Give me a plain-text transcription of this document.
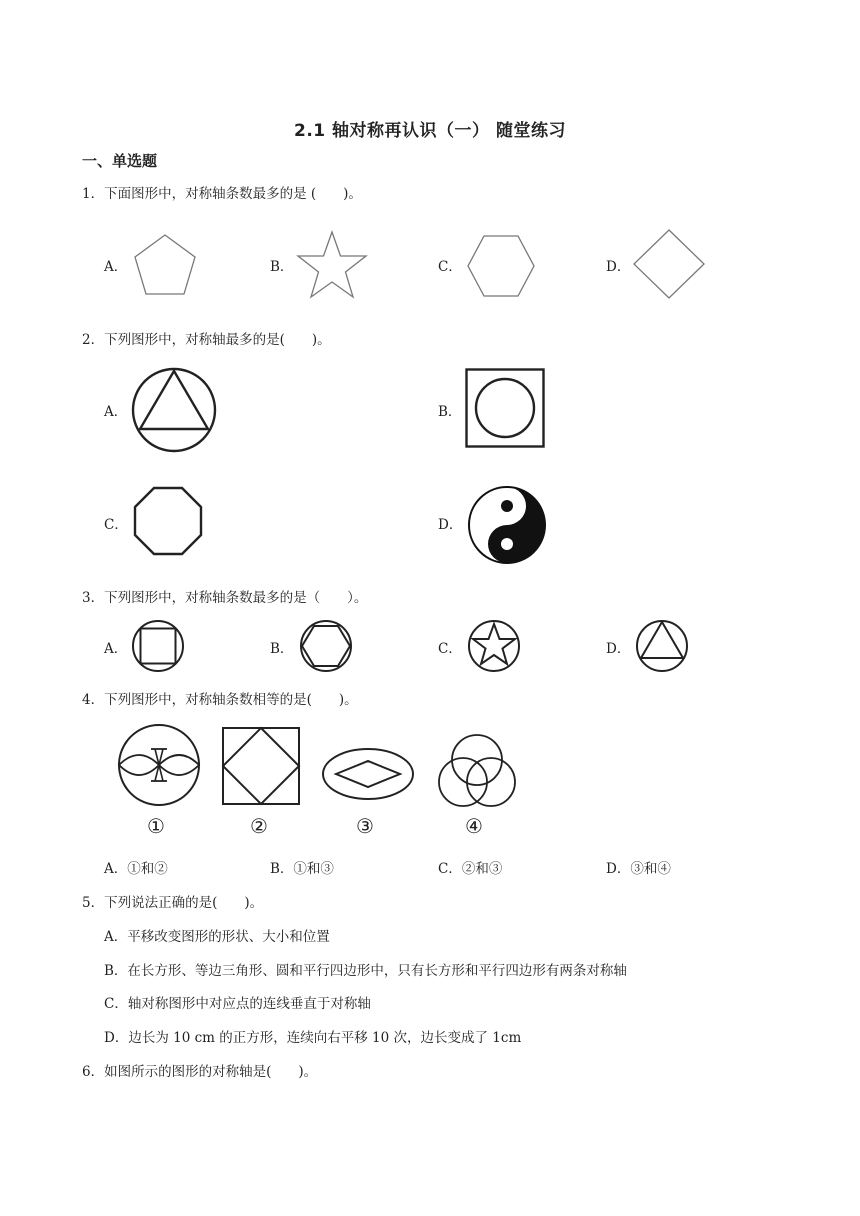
2.1 轴对称再认识（一） 随堂练习
一、单选题
1．下面图形中，对称轴条数最多的是 (　　)。
A．	B．	C．	D．
2．下列图形中，对称轴最多的是(　　)。
A．	B．
C．	D．
3．下列图形中，对称轴条数最多的是（　　）。
A．	B．	C．	D．
4．下列图形中，对称轴条数相等的是(　　)。
①	②	③	④
A．①和②	B．①和③	C．②和③	D．③和④
5．下列说法正确的是(　　)。
A．平移改变图形的形状、大小和位置
B．在长方形、等边三角形、圆和平行四边形中，只有长方形和平行四边形有两条对称轴
C．轴对称图形中对应点的连线垂直于对称轴
D．边长为 10 cm 的正方形，连续向右平移 10 次，边长变成了 1cm
6．如图所示的图形的对称轴是(　　)。
